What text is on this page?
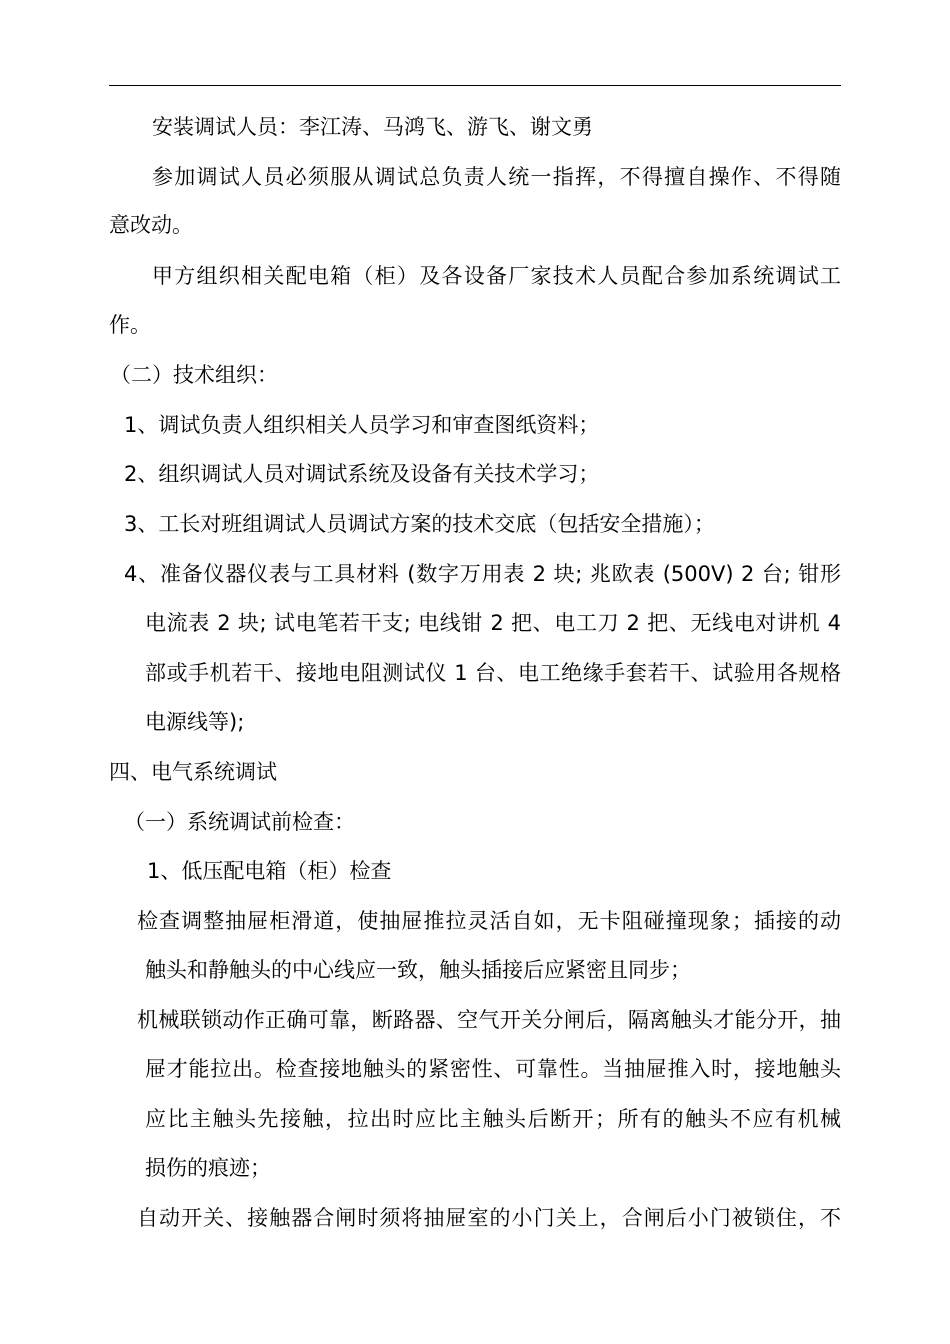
安装调试人员：李江涛、马鸿飞、游飞、谢文勇
参加调试人员必须服从调试总负责人统一指挥，不得擅自操作、不得随
意改动。
甲方组织相关配电箱（柜）及各设备厂家技术人员配合参加系统调试工
作。
（二）技术组织：
1、调试负责人组织相关人员学习和审查图纸资料；
2、组织调试人员对调试系统及设备有关技术学习；
3、工长对班组调试人员调试方案的技术交底（包括安全措施）；
4、准备仪器仪表与工具材料 (数字万用表 2 块; 兆欧表 (500V) 2 台; 钳形
电流表 2 块; 试电笔若干支; 电线钳 2 把、电工刀 2 把、无线电对讲机 4
部或手机若干、接地电阻测试仪 1 台、电工绝缘手套若干、试验用各规格
电源线等);
四、电气系统调试
（一）系统调试前检查：
1、低压配电箱（柜）检查
检查调整抽屉柜滑道，使抽屉推拉灵活自如，无卡阻碰撞现象；插接的动
触头和静触头的中心线应一致，触头插接后应紧密且同步；
机械联锁动作正确可靠，断路器、空气开关分闸后，隔离触头才能分开，抽
屉才能拉出。检查接地触头的紧密性、可靠性。当抽屉推入时，接地触头
应比主触头先接触，拉出时应比主触头后断开；所有的触头不应有机械
损伤的痕迹；
自动开关、接触器合闸时须将抽屉室的小门关上，合闸后小门被锁住，不
